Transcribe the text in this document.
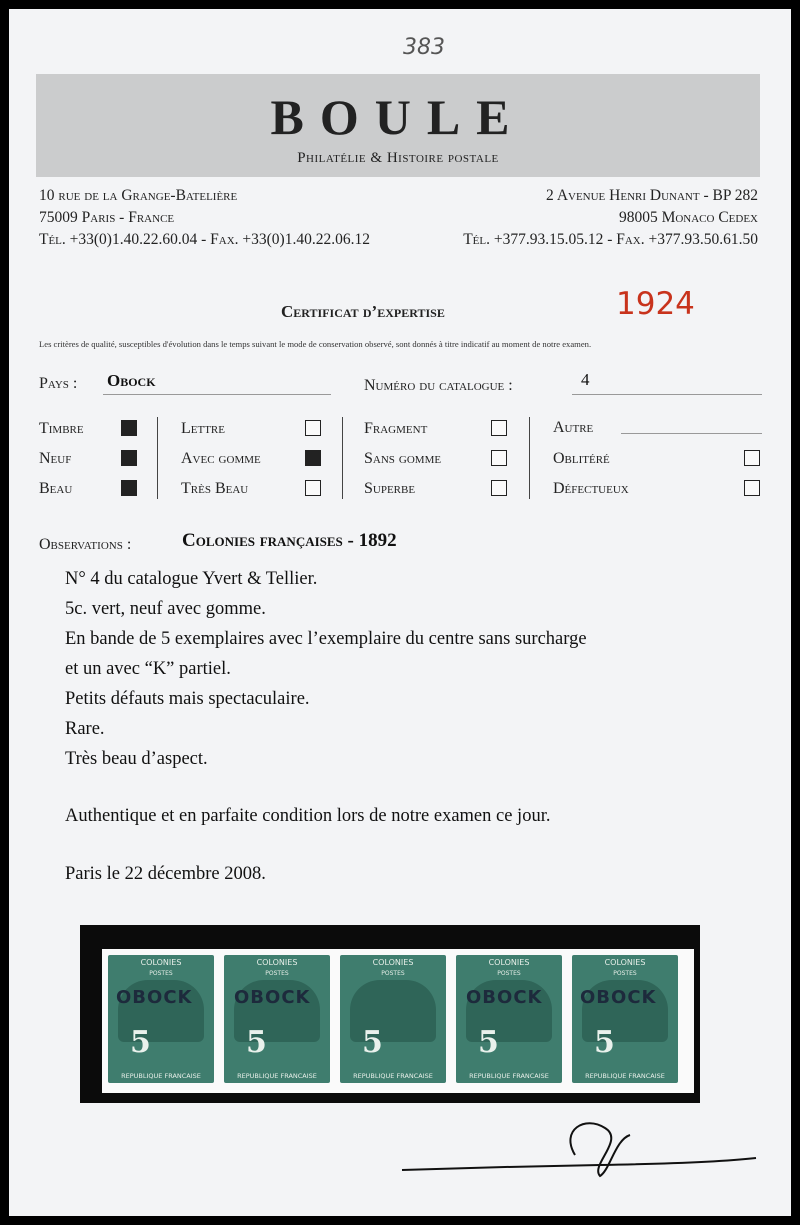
383
BOULE
Philatélie & Histoire postale
10 rue de la Grange-Batelière
75009 Paris - France
Tél. +33(0)1.40.22.60.04 - Fax. +33(0)1.40.22.06.12
2 Avenue Henri Dunant - BP 282
98005 Monaco Cedex
Tél. +377.93.15.05.12 - Fax. +377.93.50.61.50
Certificat d’expertise	1924
Les critères de qualité, susceptibles d'évolution dans le temps suivant le mode de conservation observé, sont donnés à titre indicatif au moment de notre examen.
Pays : Obock	Numéro du catalogue :	4
Timbre	Lettre	Fragment	Autre
Neuf	Avec gomme	Sans gomme	Oblitéré
Beau	Très Beau	Superbe	Défectueux
Observations :	Colonies françaises - 1892
N° 4 du catalogue Yvert & Tellier.
5c. vert, neuf avec gomme.
En bande de 5 exemplaires avec l’exemplaire du centre sans surcharge
et un avec “K” partiel.
Petits défauts mais spectaculaire.
Rare.
Très beau d’aspect.
Authentique et en parfaite condition lors de notre examen ce jour.
Paris le 22 décembre 2008.
COLONIES
POSTES
5
REPUBLIQUE FRANCAISE
COLONIES
POSTES
5
REPUBLIQUE FRANCAISE
COLONIES
POSTES
5
REPUBLIQUE FRANCAISE
COLONIES
POSTES
5
REPUBLIQUE FRANCAISE
COLONIES
POSTES
5
REPUBLIQUE FRANCAISE
OBOCK OBOCK	OBOCK OBOCK
